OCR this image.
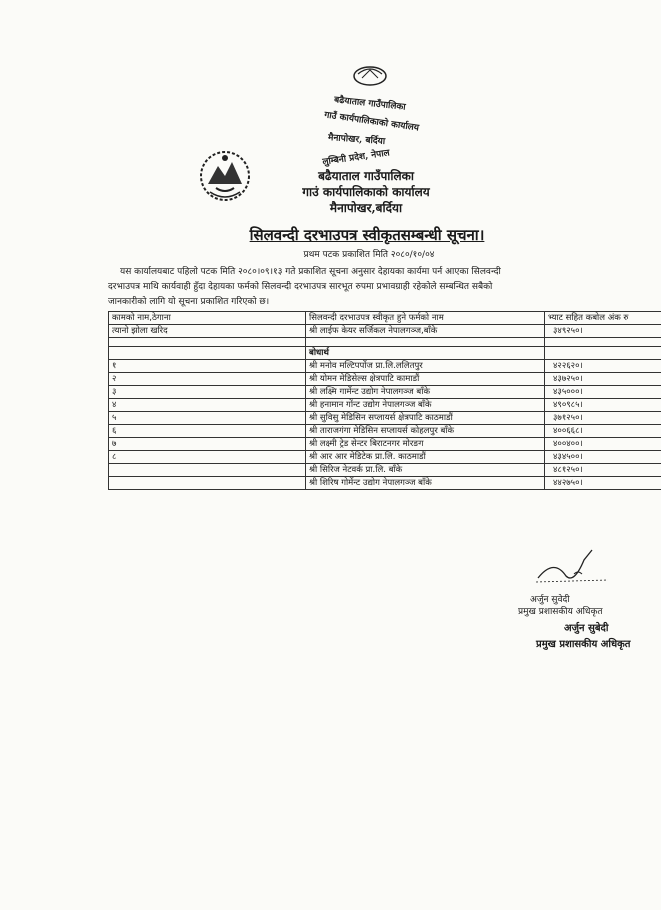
बढैयाताल गाउँपालिका
गाउँ कार्यपालिकाको कार्यालय
मैनापोखर, बर्दिया
लुम्बिनी प्रदेश, नेपाल
बढैयाताल गाउँपालिका
गाउं कार्यपालिकाको कार्यालय
मैनापोखर,बर्दिया
सिलवन्दी दरभाउपत्र स्वीकृतसम्बन्धी सूचना।
प्रथम पटक प्रकाशित मिति २०८०/१०/०४
यस कार्यालयबाट पहिलो पटक मिति २०८०।०९।१३ गते प्रकाशित सूचना अनुसार देहायका कार्यमा पर्न आएका सिलवन्दी
दरभाउपत्र माथि कार्यवाही हुँदा देहायका फर्मको सिलवन्दी दरभाउपत्र सारभूत रुपमा प्रभावग्राही रहेकोले सम्बन्धित सबैको
जानकारीको लागि यो सूचना प्रकाशित गरिएको छ।
कामको नाम,ठेगाना	सिलवन्दी दरभाउपत्र स्वीकृत हुने फर्मको नाम	भ्याट सहित कबोल अंक रु
त्यानो झोला खरिद	श्री लाईफ केयर सर्जिकल नेपालगञ्ज,बाँके	३४९२५०।

	बोधार्थ	
१	श्री मनोव मल्टिपर्पोज प्रा.लि.ललितपुर	४२२६२०।
२	श्री योमन मेडिसेल्स क्षेत्रपाटि कामाडौं	४३७२५०।
३	श्री लक्ष्मि गार्मेन्ट उद्योग नेपालगञ्ज बाँके	४३५०००।
४	श्री हनामान गोंन्ट उद्योग नेपालगञ्ज बाँके	४९०९८५।
५	श्री सुविसु मेडिसिन सप्लायर्स क्षेत्रपाटि काठमाडौं	३७१२५०।
६	श्री ताराजगंगा मेडिसिन सप्लायर्स कोहलपुर बाँके	४००६६८।
७	श्री लक्ष्मी ट्रेड सेन्टर बिराटनगर मोरङग	४००४००।
८	श्री आर आर मेडिटेक प्रा.लि. काठमाडौं	४३४५००।
	श्री सिरिज नेटवर्क प्रा.लि. बाँके	४८१२५०।
	श्री शिरिष गोर्मेन्ट उद्योग नेपालगञ्ज बाँके	४४२७५०।
अर्जुन सुवेदी
प्रमुख प्रशासकीय अधिकृत
अर्जुन सुबेदी
प्रमुख प्रशासकीय अधिकृत
